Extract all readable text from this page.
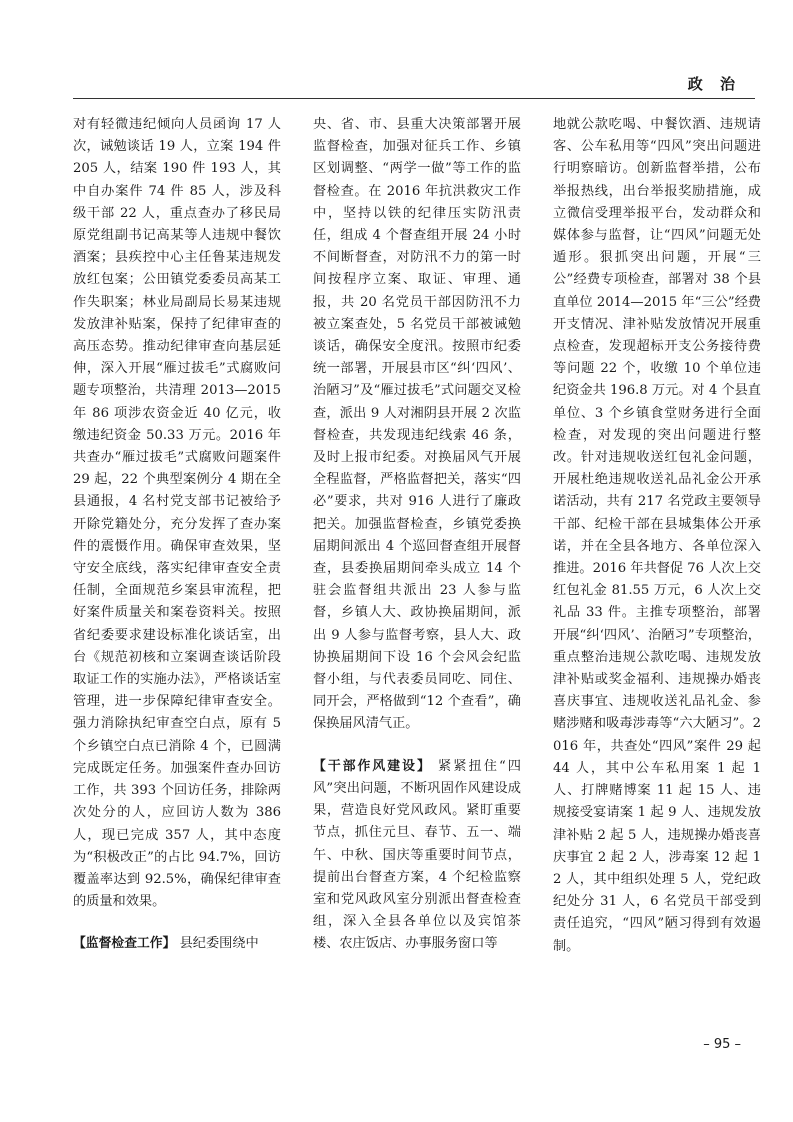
政 治

对有轻微违纪倾向人员函询 17 人次，诫勉谈话 19 人，立案 194 件 205 人，结案 190 件 193 人，其中自办案件 74 件 85 人，涉及科级干部 22 人，重点查办了移民局原党组副书记高某等人违规中餐饮酒案；县疾控中心主任鲁某违规发放红包案；公田镇党委委员高某工作失职案；林业局副局长易某违规发放津补贴案，保持了纪律审查的高压态势。推动纪律审查向基层延伸，深入开展“雁过拔毛”式腐败问题专项整治，共清理 2013—2015 年 86 项涉农资金近 40 亿元，收缴违纪资金 50.33 万元。2016 年共查办“雁过拔毛”式腐败问题案件 29 起，22 个典型案例分 4 期在全县通报，4 名村党支部书记被给予开除党籍处分，充分发挥了查办案件的震慑作用。确保审查效果，坚守安全底线，落实纪律审查安全责任制，全面规范乡案县审流程，把好案件质量关和案卷资料关。按照省纪委要求建设标准化谈话室，出台《规范初核和立案调查谈话阶段取证工作的实施办法》，严格谈话室管理，进一步保障纪律审查安全。强力消除执纪审查空白点，原有 5 个乡镇空白点已消除 4 个，已圆满完成既定任务。加强案件查办回访工作，共 393 个回访任务，排除两次处分的人，应回访人数为 386 人，现已完成 357 人，其中态度为“积极改正”的占比 94.7%，回访覆盖率达到 92.5%，确保纪律审查的质量和效果。

【监督检查工作】 县纪委围绕中

央、省、市、县重大决策部署开展监督检查，加强对征兵工作、乡镇区划调整、“两学一做”等工作的监督检查。在 2016 年抗洪救灾工作中，坚持以铁的纪律压实防汛责任，组成 4 个督查组开展 24 小时不间断督查，对防汛不力的第一时间按程序立案、取证、审理、通报，共 20 名党员干部因防汛不力被立案查处，5 名党员干部被诫勉谈话，确保安全度汛。按照市纪委统一部署，开展县市区“纠‘四风’、治陋习”及“雁过拔毛”式问题交叉检查，派出 9 人对湘阴县开展 2 次监督检查，共发现违纪线索 46 条，及时上报市纪委。对换届风气开展全程监督，严格监督把关，落实“四必”要求，共对 916 人进行了廉政把关。加强监督检查，乡镇党委换届期间派出 4 个巡回督查组开展督查，县委换届期间牵头成立 14 个驻会监督组共派出 23 人参与监督，乡镇人大、政协换届期间，派出 9 人参与监督考察，县人大、政协换届期间下设 16 个会风会纪监督小组，与代表委员同吃、同住、同开会，严格做到“12 个查看”，确保换届风清气正。

【干部作风建设】 紧紧扭住“四风”突出问题，不断巩固作风建设成果，营造良好党风政风。紧盯重要节点，抓住元旦、春节、五一、端午、中秋、国庆等重要时间节点，提前出台督查方案，4 个纪检监察室和党风政风室分别派出督查检查组，深入全县各单位以及宾馆茶楼、农庄饭店、办事服务窗口等

地就公款吃喝、中餐饮酒、违规请客、公车私用等“四风”突出问题进行明察暗访。创新监督举措，公布举报热线，出台举报奖励措施，成立微信受理举报平台，发动群众和媒体参与监督，让“四风”问题无处遁形。狠抓突出问题，开展“三公”经费专项检查，部署对 38 个县直单位 2014—2015 年“三公”经费开支情况、津补贴发放情况开展重点检查，发现超标开支公务接待费等问题 22 个，收缴 10 个单位违纪资金共 196.8 万元。对 4 个县直单位、3 个乡镇食堂财务进行全面检查，对发现的突出问题进行整改。针对违规收送红包礼金问题，开展杜绝违规收送礼品礼金公开承诺活动，共有 217 名党政主要领导干部、纪检干部在县城集体公开承诺，并在全县各地方、各单位深入推进。2016 年共督促 76 人次上交红包礼金 81.55 万元，6 人次上交礼品 33 件。主推专项整治，部署开展“纠‘四风’、治陋习”专项整治，重点整治违规公款吃喝、违规发放津补贴或奖金福利、违规操办婚丧喜庆事宜、违规收送礼品礼金、参赌涉赌和吸毒涉毒等“六大陋习”。2016 年，共查处“四风”案件 29 起 44 人，其中公车私用案 1 起 1 人、打牌赌博案 11 起 15 人、违规接受宴请案 1 起 9 人、违规发放津补贴 2 起 5 人，违规操办婚丧喜庆事宜 2 起 2 人，涉毒案 12 起 12 人，其中组织处理 5 人，党纪政纪处分 31 人，6 名党员干部受到责任追究，“四风”陋习得到有效遏制。

– 95 –
